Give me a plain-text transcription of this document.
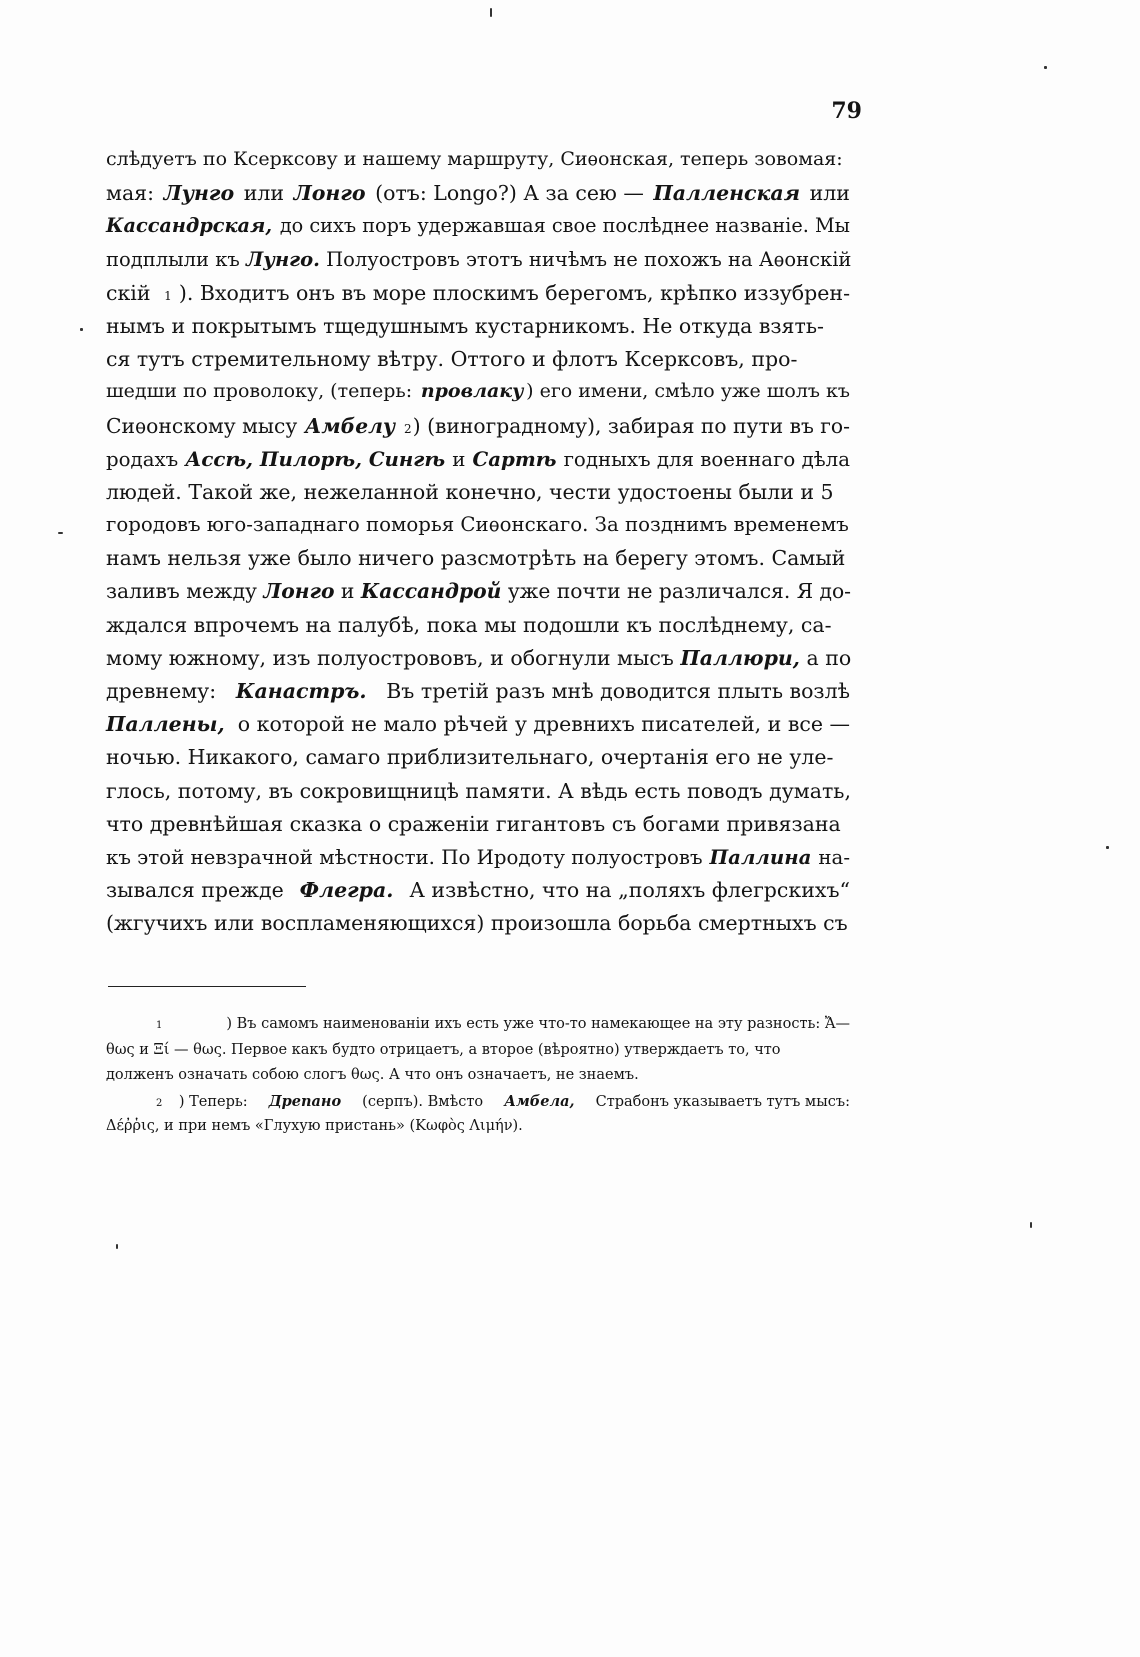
79
слѣдуетъ по Ксерксову и нашему маршруту, Сиѳонская, теперь зовомая:
мая: Лунго или Лонго (отъ: Longo?) А за сею — Палленская или
Кассандрская, до сихъ поръ удержавшая свое послѣднее названіе. Мы
подплыли къ Лунго. Полуостровъ этотъ ничѣмъ не похожъ на Аѳонскій
скій 1 ). Входитъ онъ въ море плоскимъ берегомъ, крѣпко иззубрен-
нымъ и покрытымъ тщедушнымъ кустарникомъ. Не откуда взять-
ся тутъ стремительному вѣтру. Оттого и флотъ Ксерксовъ, про-
шедши по проволоку, (теперь: провлаку ) его имени, смѣло уже шолъ къ
Сиѳонскому мысу Амбелу
2 ) (виноградному), забирая по пути въ го-
родахъ Ассѣ, Пилорѣ, Сингѣ и Сартѣ годныхъ для военнаго дѣла
людей. Такой же, нежеланной конечно, чести удостоены были и 5
городовъ юго-западнаго поморья Сиѳонскаго. За позднимъ временемъ
намъ нельзя уже было ничего разсмотрѣть на берегу этомъ. Самый
заливъ между Лонго и Кассандрой уже почти не различался. Я до-
ждался впрочемъ на палубѣ, пока мы подошли къ послѣднему, са-
мому южному, изъ полуострововъ, и обогнули мысъ Паллюри, а по
древнему: Канастръ. Въ третій разъ мнѣ доводится плыть возлѣ
Паллены, о которой не мало рѣчей у древнихъ писателей, и все —
ночью. Никакого, самаго приблизительнаго, очертанія его не уле-
глось, потому, въ сокровищницѣ памяти. А вѣдь есть поводъ думать,
что древнѣйшая сказка о сраженіи гигантовъ съ богами привязана
къ этой невзрачной мѣстности. По Иродоту полуостровъ Паллина на-
зывался прежде Флегра. А извѣстно, что на „поляхъ флегрскихъ“
(жгучихъ или воспламеняющихся) произошла борьба смертныхъ съ
1	) Въ самомъ наименованіи ихъ есть уже что-то намекающее на эту разность: Ἄ—
θως и Ξί — θως. Первое какъ будто отрицаетъ, а второе (вѣроятно) утверждаетъ то, что
долженъ означать собою слогъ θως. А что онъ означаетъ, не знаемъ.
2 ) Теперь: Дрепано (серпъ). Вмѣсто Амбела, Страбонъ указываетъ тутъ мысъ:
Δέῤῥις, и при немъ «Глухую пристань» (Κωφὸς Λιμήν).
